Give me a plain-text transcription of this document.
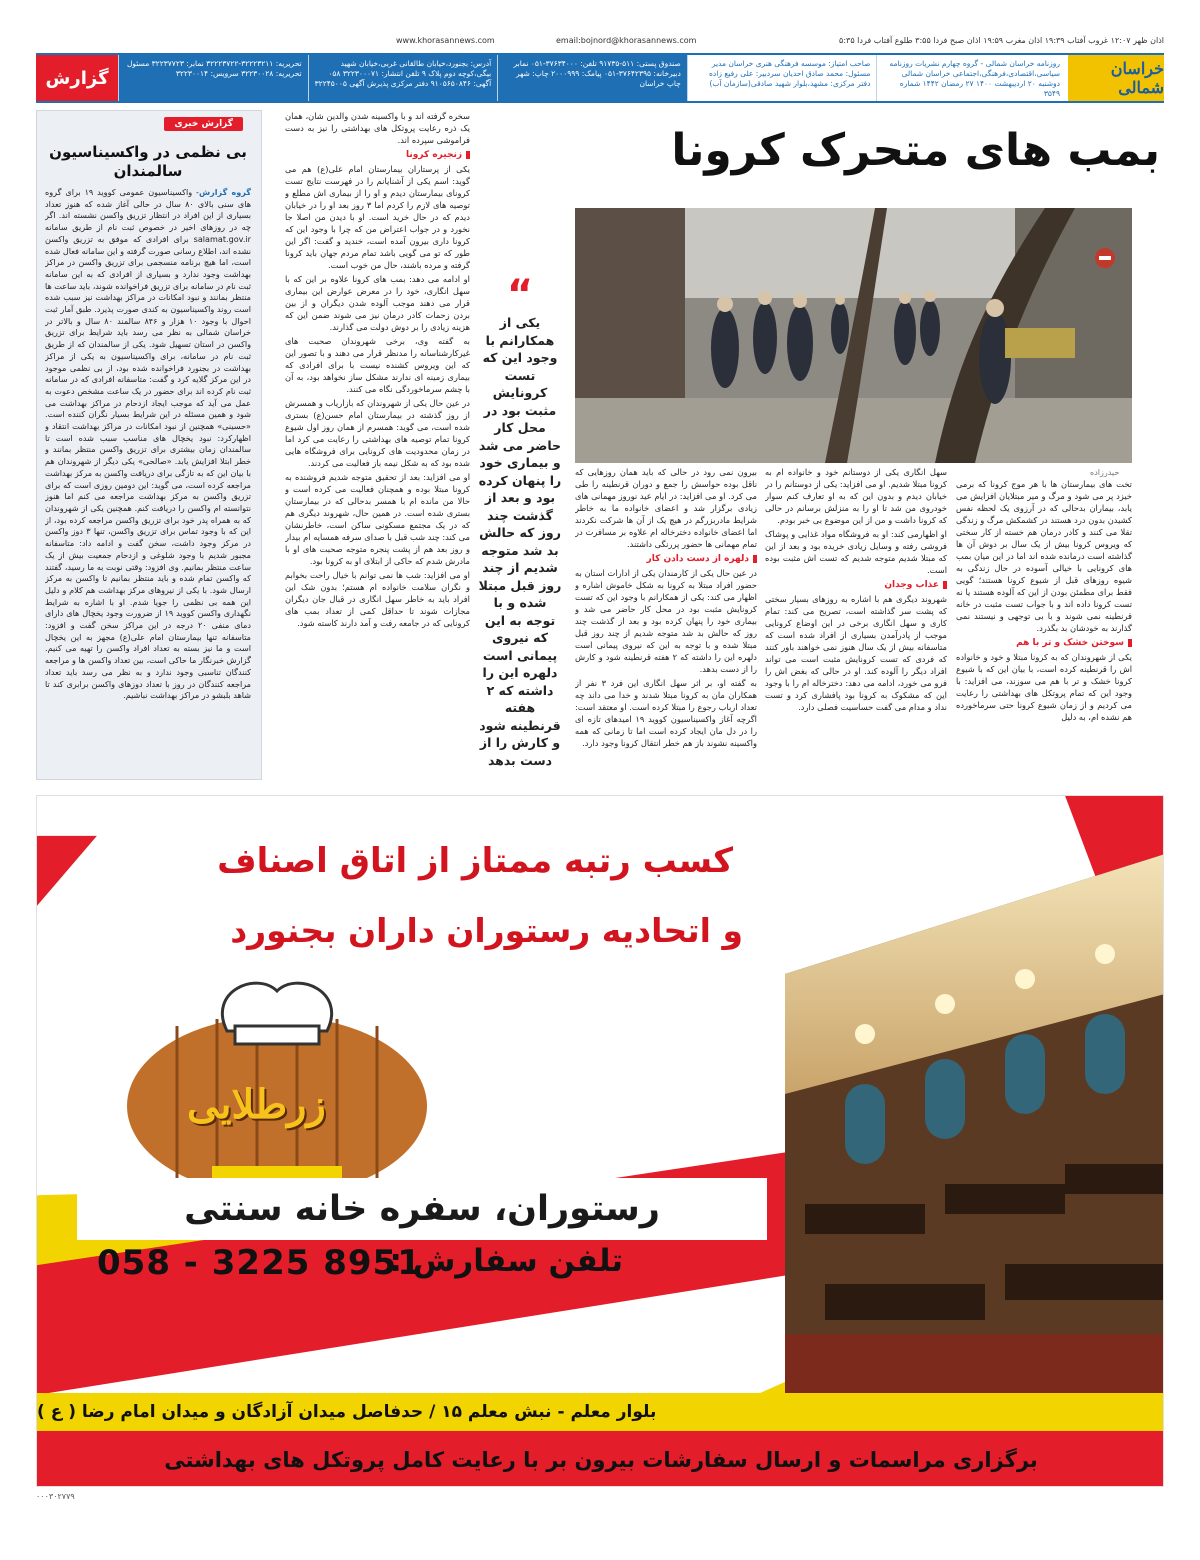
اذان ظهر ۱۲:۰۷ غروب آفتاب ۱۹:۳۹ اذان مغرب ۱۹:۵۹ اذان صبح فردا ۳:۵۵ طلوع آفتاب فردا ۵:۳۵
email:bojnord@khorasannews.com
www.khorasannews.com
خراسان شمالی
روزنامه خراسان شمالی - گروه چهارم نشریات روزنامه سیاسی،اقتصادی،فرهنگی،اجتماعی خراسان شمالی دوشنبه ۲۰ اردیبهشت ۱۴۰۰ ۲۷ رمضان ۱۴۴۲ شماره ۳۵۴۹
صاحب امتیاز: موسسه فرهنگی هنری خراسان مدیر مسئول: محمد صادق احدیان سردبیر: علی رفیع زاده دفتر مرکزی: مشهد،بلوار شهید صادقی(سازمان آب)
صندوق پستی: ۵۱۱-۹۱۷۳۵ تلفن: ۳۷۶۳۴۰۰۰-۰۵۱ نمابر دبیرخانه: ۳۷۶۴۲۳۹۵-۰۵۱ پیامک: ۲۰۰۰۹۹۹ چاپ: شهر چاپ خراسان
آدرس: بجنورد،خیابان طالقانی غربی،خیابان شهید بیگی،کوچه دوم پلاک ۹ تلفن انتشار: ۳۲۲۳۰۰۰۷۱ ۰۵۸ آگهی: ۹۱۰۵۶۵۰۸۴۶ دفتر مرکزی پذیرش آگهی ۳۲۲۴۵۰۰۵
تحریریه: ۳۲۲۲۳۲۱۱-۳۲۲۲۳۷۲۲ نمابر: ۳۲۲۳۷۷۲۳ مسئول تحریریه: ۳۲۲۳۰۰۲۸ سرویس: ۳۲۲۳۰۰۱۴
گزارش
بمب های متحرک کرونا
حیدرزاده
“
یکی از همکارانم با وجود این که تست کرونایش مثبت بود در محل کار حاضر می شد و بیماری خود را پنهان کرده بود و بعد از گذشت چند روز که حالش بد شد متوجه شدیم از چند روز قبل مبتلا شده و با توجه به این که نیروی پیمانی است دلهره این را داشته که ۲ هفته قرنطینه شود و کارش را از دست بدهد

تخت های بیمارستان ها با هر موج کرونا که برمی خیزد پر می شود و مرگ و میر مبتلایان افزایش می یابد، بیماران بدحالی که در آرزوی یک لحظه نفس کشیدن بدون درد هستند در کشمکش مرگ و زندگی تقلا می کنند و کادر درمان هم خسته از کار سختی که ویروس کرونا بیش از یک سال بر دوش آن ها گذاشته است درمانده شده اند اما در این میان بمب های کرونایی با خیالی آسوده در حال زندگی به شیوه روزهای قبل از شیوع کرونا هستند؛ گویی فقط برای مطمئن بودن از این که آلوده هستند یا نه تست کرونا داده اند و با جواب تست مثبت در خانه قرنطینه نمی شوند و با بی توجهی و نیستند نمی گذارند به خودشان بد بگذرد.

سوختن خشک و تر با هم

یکی از شهروندان که به کرونا مبتلا و خود و خانواده اش را قرنطینه کرده است، با بیان این که با شیوع کرونا خشک و تر با هم می سوزند، می افزاید: با وجود این که تمام پروتکل های بهداشتی را رعایت می کردیم و از زمان شیوع کرونا حتی سرماخورده هم نشده ام، به دلیل

سهل انگاری یکی از دوستانم خود و خانواده ام به کرونا مبتلا شدیم. او می افزاید: یکی از دوستانم را در خیابان دیدم و بدون این که به او تعارف کنم سوار خودروی من شد تا او را به منزلش برسانم در حالی که کرونا داشت و من از این موضوع بی خبر بودم.

او اظهارمی کند: او به فروشگاه مواد غذایی و پوشاک فروشی رفته و وسایل زیادی خریده بود و بعد از این که مبتلا شدیم متوجه شدیم که تست اش مثبت بوده است.

عذاب وجدان

شهروند دیگری هم با اشاره به روزهای بسیار سختی که پشت سر گذاشته است، تصریح می کند: تمام کاری و سهل انگاری برخی در این اوضاع کرونایی موجب از پادرآمدن بسیاری از افراد شده است که متاسفانه بیش از یک سال هنوز نمی خواهند باور کنند که فردی که تست کرونایش مثبت است می تواند افراد دیگر را آلوده کند. او در حالی که بغض اش را فرو می خورد، ادامه می دهد: دخترخاله ام را با وجود این که مشکوک به کرونا بود پافشاری کرد و تست نداد و مدام می گفت حساسیت فصلی دارد.

بیرون نمی رود در حالی که باید همان روزهایی که ناقل بوده حواسش را جمع و دوران قرنطینه را طی می کرد. او می افزاید: در ایام عید نوروز مهمانی های زیادی برگزار شد و اعضای خانواده ما به خاطر شرایط مادربزرگم در هیچ یک از آن ها شرکت نکردند اما اعضای خانواده دخترخاله ام علاوه بر مسافرت در تمام مهمانی ها حضور پررنگی داشتند.

دلهره از دست دادن کار

در عین حال یکی از کارمندان یکی از ادارات استان به حضور افراد مبتلا به کرونا به شکل خاموش اشاره و اظهار می کند: یکی از همکارانم با وجود این که تست کرونایش مثبت بود در محل کار حاضر می شد و بیماری خود را پنهان کرده بود و بعد از گذشت چند روز که حالش بد شد متوجه شدیم از چند روز قبل مبتلا شده و با توجه به این که نیروی پیمانی است دلهره این را داشته که ۲ هفته قرنطینه شود و کارش را از دست بدهد.

به گفته او، بر اثر سهل انگاری این فرد ۳ نفر از همکاران مان به کرونا مبتلا شدند و خدا می داند چه تعداد ارباب رجوع را مبتلا کرده است. او معتقد است: اگرچه آغاز واکسیناسیون کووید ۱۹ امیدهای تازه ای را در دل مان ایجاد کرده است اما تا زمانی که همه واکسینه نشوند باز هم خطر انتقال کرونا وجود دارد.

سخره گرفته اند و با واکسینه شدن والدین شان، همان یک ذره رعایت پروتکل های بهداشتی را نیز به دست فراموشی سپرده اند.

زنجیره کرونا

یکی از پرستاران بیمارستان امام علی(ع) هم می گوید: اسم یکی از آشنایانم را در فهرست نتایج تست کرونای بیمارستان دیدم و او را از بیماری اش مطلع و توصیه های لازم را کردم اما ۳ روز بعد او را در خیابان دیدم که در حال خرید است. او با دیدن من اصلا جا نخورد و در جواب اعتراض من که چرا با وجود این که کرونا داری بیرون آمده است، خندید و گفت: اگر این طور که تو می گویی باشد تمام مردم جهان باید کرونا گرفته و مرده باشند، حال من خوب است.

او ادامه می دهد: بمب های کرونا علاوه بر این که با سهل انگاری، خود را در معرض عوارض این بیماری قرار می دهند موجب آلوده شدن دیگران و از بین بردن زحمات کادر درمان نیز می شوند ضمن این که هزینه زیادی را بر دوش دولت می گذارند.

به گفته وی، برخی شهروندان صحبت های غیرکارشناسانه را مدنظر قرار می دهند و با تصور این که این ویروس کشنده نیست با برای افرادی که بیماری زمینه ای ندارند مشکل ساز نخواهد بود، به آن با چشم سرماخوردگی نگاه می کنند.

در عین حال یکی از شهروندان که بازاریاب و همسرش از روز گذشته در بیمارستان امام حسن(ع) بستری شده است، می گوید: همسرم از همان روز اول شیوع کرونا تمام توصیه های بهداشتی را رعایت می کرد اما در زمان محدودیت های کرونایی برای فروشگاه هایی شده بود که به شکل نیمه باز فعالیت می کردند.

او می افزاید: بعد از تحقیق متوجه شدیم فروشنده به کرونا مبتلا بوده و همچنان فعالیت می کرده است و حالا من مانده ام با همسر بدحالی که در بیمارستان بستری شده است. در همین حال، شهروند دیگری هم که در یک مجتمع مسکونی ساکن است، خاطرنشان می کند: چند شب قبل با صدای سرفه همسایه ام بیدار و روز بعد هم از پشت پنجره متوجه صحبت های او با مادرش شدم که حاکی از ابتلای او به کرونا بود.

او می افزاید: شب ها نمی توانم با خیال راحت بخوابم و نگران سلامت خانواده ام هستم؛ بدون شک این افراد باید به خاطر سهل انگاری در قبال جان دیگران مجازات شوند تا حداقل کمی از تعداد بمب های کرونایی که در جامعه رفت و آمد دارند کاسته شود.

گزارش خبری
بی نظمی در واکسیناسیون سالمندان
گروه گزارش- واکسیناسیون عمومی کووید ۱۹ برای گروه های سنی بالای ۸۰ سال در حالی آغاز شده که هنوز تعداد بسیاری از این افراد در انتظار تزریق واکسن نشسته اند. اگر چه در روزهای اخیر در خصوص ثبت نام از طریق سامانه salamat.gov.ir برای افرادی که موفق به تزریق واکسن نشده اند، اطلاع رسانی صورت گرفته و این سامانه فعال شده است، اما هیچ برنامه منسجمی برای تزریق واکسن در مراکز بهداشت وجود ندارد و بسیاری از افرادی که به این سامانه ثبت نام در سامانه برای تزریق فراخوانده شوند، باید ساعت ها منتظر بمانند و نبود امکانات در مراکز بهداشت نیز سبب شده است روند واکسیناسیون به کندی صورت پذیرد. طبق آمار ثبت احوال با وجود ۱۰ هزار و ۸۴۶ سالمند ۸۰ سال و بالاتر در خراسان شمالی به نظر می رسد باید شرایط برای تزریق واکسن در استان تسهیل شود. یکی از سالمندان که از طریق ثبت نام در سامانه، برای واکسیناسیون به یکی از مراکز بهداشت در بجنورد فراخوانده شده بود، از بی نظمی موجود در این مرکز گلایه کرد و گفت: متاسفانه افرادی که در سامانه ثبت نام کرده اند برای حضور در یک ساعت مشخص دعوت به عمل می آید که موجب ایجاد ازدحام در مراکز بهداشت می شود و همین مسئله در این شرایط بسیار نگران کننده است. «حسینی» همچنین از نبود امکانات در مراکز بهداشت انتقاد و اظهارکرد: نبود یخچال های مناسب سبب شده است تا سالمندان زمان بیشتری برای تزریق واکسن منتظر بمانند و خطر ابتلا افزایش یابد. «صالحی» یکی دیگر از شهروندان هم با بیان این که به تازگی برای دریافت واکسن به مرکز بهداشت مراجعه کرده است، می گوید: این دومین روزی است که برای تزریق واکسن به مرکز بهداشت مراجعه می کنم اما هنوز نتوانسته ام واکسن را دریافت کنم. همچنین یکی از شهروندان که به همراه پدر خود برای تزریق واکسن مراجعه کرده بود، از این که با وجود تماس برای تزریق واکسن، تنها ۳ دوز واکسن در مرکز وجود داشت، سخن گفت و ادامه داد: متاسفانه مجبور شدیم با وجود شلوغی و ازدحام جمعیت بیش از یک ساعت منتظر بمانیم. وی افزود: وقتی نوبت به ما رسید، گفتند که واکسن تمام شده و باید منتظر بمانیم تا واکسن به مرکز ارسال شود. با یکی از نیروهای مرکز بهداشت هم کلام و دلیل این همه بی نظمی را جویا شدم. او با اشاره به شرایط نگهداری واکسن کووید ۱۹ از ضرورت وجود یخچال های دارای دمای منفی ۲۰ درجه در این مراکز سخن گفت و افزود: متاسفانه تنها بیمارستان امام علی(ع) مجهز به این یخچال است و ما نیز بسته به تعداد افراد واکسن را تهیه می کنیم. گزارش خبرنگار ما حاکی است، بین تعداد واکسن ها و مراجعه کنندگان تناسبی وجود ندارد و به نظر می رسد باید تعداد مراجعه کنندگان در روز با تعداد دوزهای واکسن برابری کند تا شاهد بلبشو در مراکز بهداشت نباشیم.
کسب رتبه ممتاز از اتاق اصناف
و اتحادیه رستوران داران بجنورد
زرطلایی
رستوران، سفره خانه سنتی
تلفن سفارش :
058 - 3225 8951
بلوار معلم - نبش معلم ۱۵ / حدفاصل میدان آزادگان و میدان امام رضا ( ع )
برگزاری مراسمات و ارسال سفارشات بیرون بر با رعایت کامل پروتکل های بهداشتی
۰۰۰۳۰۲۷۷۹
